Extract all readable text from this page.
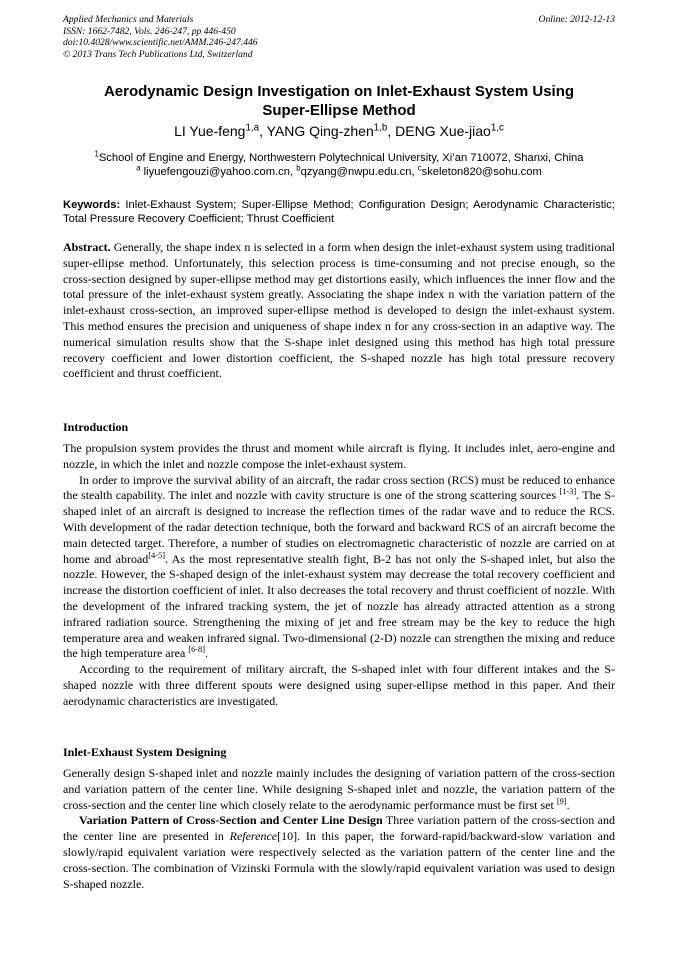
Applied Mechanics and Materials
ISSN: 1662-7482, Vols. 246-247, pp 446-450
doi:10.4028/www.scientific.net/AMM.246-247.446
© 2013 Trans Tech Publications Ltd, Switzerland
Online: 2012-12-13
Aerodynamic Design Investigation on Inlet-Exhaust System Using
Super-Ellipse Method
LI Yue-feng$^{1,a}$, YANG Qing-zhen$^{1,b}$, DENG Xue-jiao$^{1,c}$
$^1$School of Engine and Energy, Northwestern Polytechnical University, Xi’an 710072, Shanxi, China
$^a$ liyuefengouzi@yahoo.com.cn, $^b$qzyang@nwpu.edu.cn, $^c$skeleton820@sohu.com
Keywords: Inlet-Exhaust System; Super-Ellipse Method; Configuration Design; Aerodynamic Characteristic; Total Pressure Recovery Coefficient; Thrust Coefficient

Abstract. Generally, the shape index n is selected in a form when design the inlet-exhaust system using traditional super-ellipse method. Unfortunately, this selection process is time-consuming and not precise enough, so the cross-section designed by super-ellipse method may get distortions easily, which influences the inner flow and the total pressure of the inlet-exhaust system greatly. Associating the shape index n with the variation pattern of the inlet-exhaust cross-section, an improved super-ellipse method is developed to design the inlet-exhaust system. This method ensures the precision and uniqueness of shape index n for any cross-section in an adaptive way. The numerical simulation results show that the S-shape inlet designed using this method has high total pressure recovery coefficient and lower distortion coefficient, the S-shaped nozzle has high total pressure recovery coefficient and thrust coefficient.

Introduction

The propulsion system provides the thrust and moment while aircraft is flying. It includes inlet, aero-engine and nozzle, in which the inlet and nozzle compose the inlet-exhaust system.

In order to improve the survival ability of an aircraft, the radar cross section (RCS) must be reduced to enhance the stealth capability. The inlet and nozzle with cavity structure is one of the strong scattering sources [1-3]. The S-shaped inlet of an aircraft is designed to increase the reflection times of the radar wave and to reduce the RCS. With development of the radar detection technique, both the forward and backward RCS of an aircraft become the main detected target. Therefore, a number of studies on electromagnetic characteristic of nozzle are carried on at home and abroad[4-5]. As the most representative stealth fight, B-2 has not only the S-shaped inlet, but also the nozzle. However, the S-shaped design of the inlet-exhaust system may decrease the total recovery coefficient and increase the distortion coefficient of inlet. It also decreases the total recovery and thrust coefficient of nozzle. With the development of the infrared tracking system, the jet of nozzle has already attracted attention as a strong infrared radiation source. Strengthening the mixing of jet and free stream may be the key to reduce the high temperature area and weaken infrared signal. Two-dimensional (2-D) nozzle can strengthen the mixing and reduce the high temperature area [6-8].

According to the requirement of military aircraft, the S-shaped inlet with four different intakes and the S-shaped nozzle with three different spouts were designed using super-ellipse method in this paper. And their aerodynamic characteristics are investigated.

Inlet-Exhaust System Designing

Generally design S-shaped inlet and nozzle mainly includes the designing of variation pattern of the cross-section and variation pattern of the center line. While designing S-shaped inlet and nozzle, the variation pattern of the cross-section and the center line which closely relate to the aerodynamic performance must be first set [9].

Variation Pattern of Cross-Section and Center Line Design Three variation pattern of the cross-section and the center line are presented in Reference[10]. In this paper, the forward-rapid/backward-slow variation and slowly/rapid equivalent variation were respectively selected as the variation pattern of the center line and the cross-section. The combination of Vizinski Formula with the slowly/rapid equivalent variation was used to design S-shaped nozzle.
